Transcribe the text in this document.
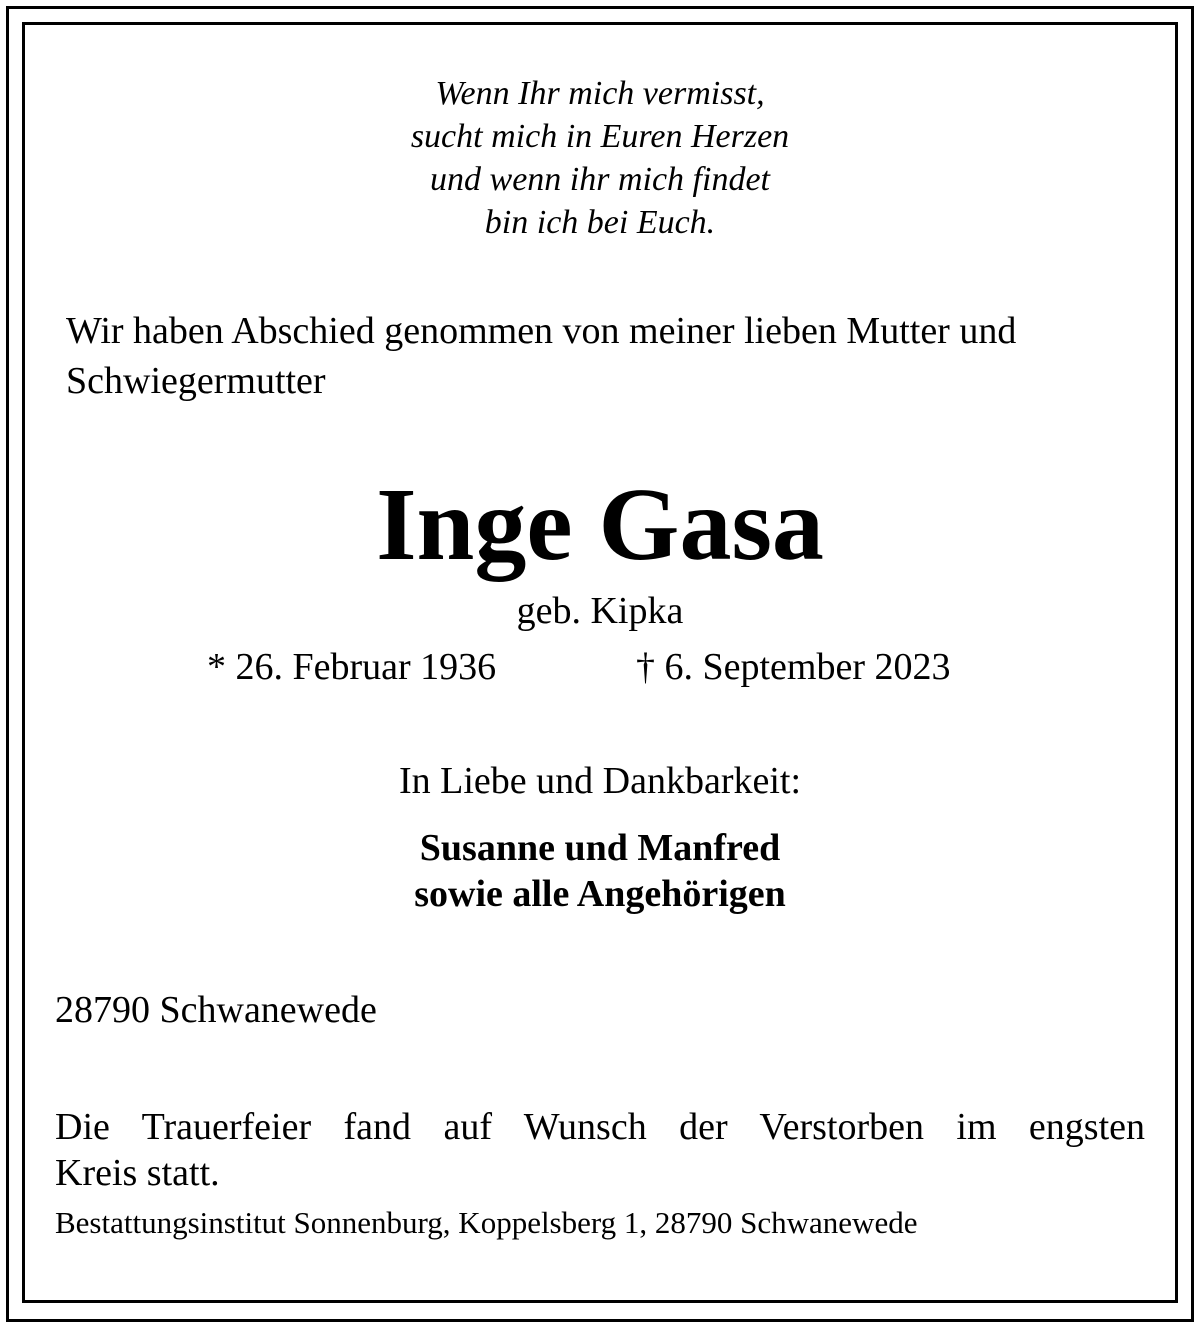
Wenn Ihr mich vermisst,
sucht mich in Euren Herzen
und wenn ihr mich findet
bin ich bei Euch.
Wir haben Abschied genommen von meiner lieben Mutter und
Schwiegermutter
Inge Gasa
geb. Kipka
* 26. Februar 1936	† 6. September 2023
In Liebe und Dankbarkeit:
Susanne und Manfred
sowie alle Angehörigen
28790 Schwanewede
Die Trauerfeier fand auf Wunsch der Verstorben im engsten
Kreis statt.
Bestattungsinstitut Sonnenburg, Koppelsberg 1, 28790 Schwanewede
